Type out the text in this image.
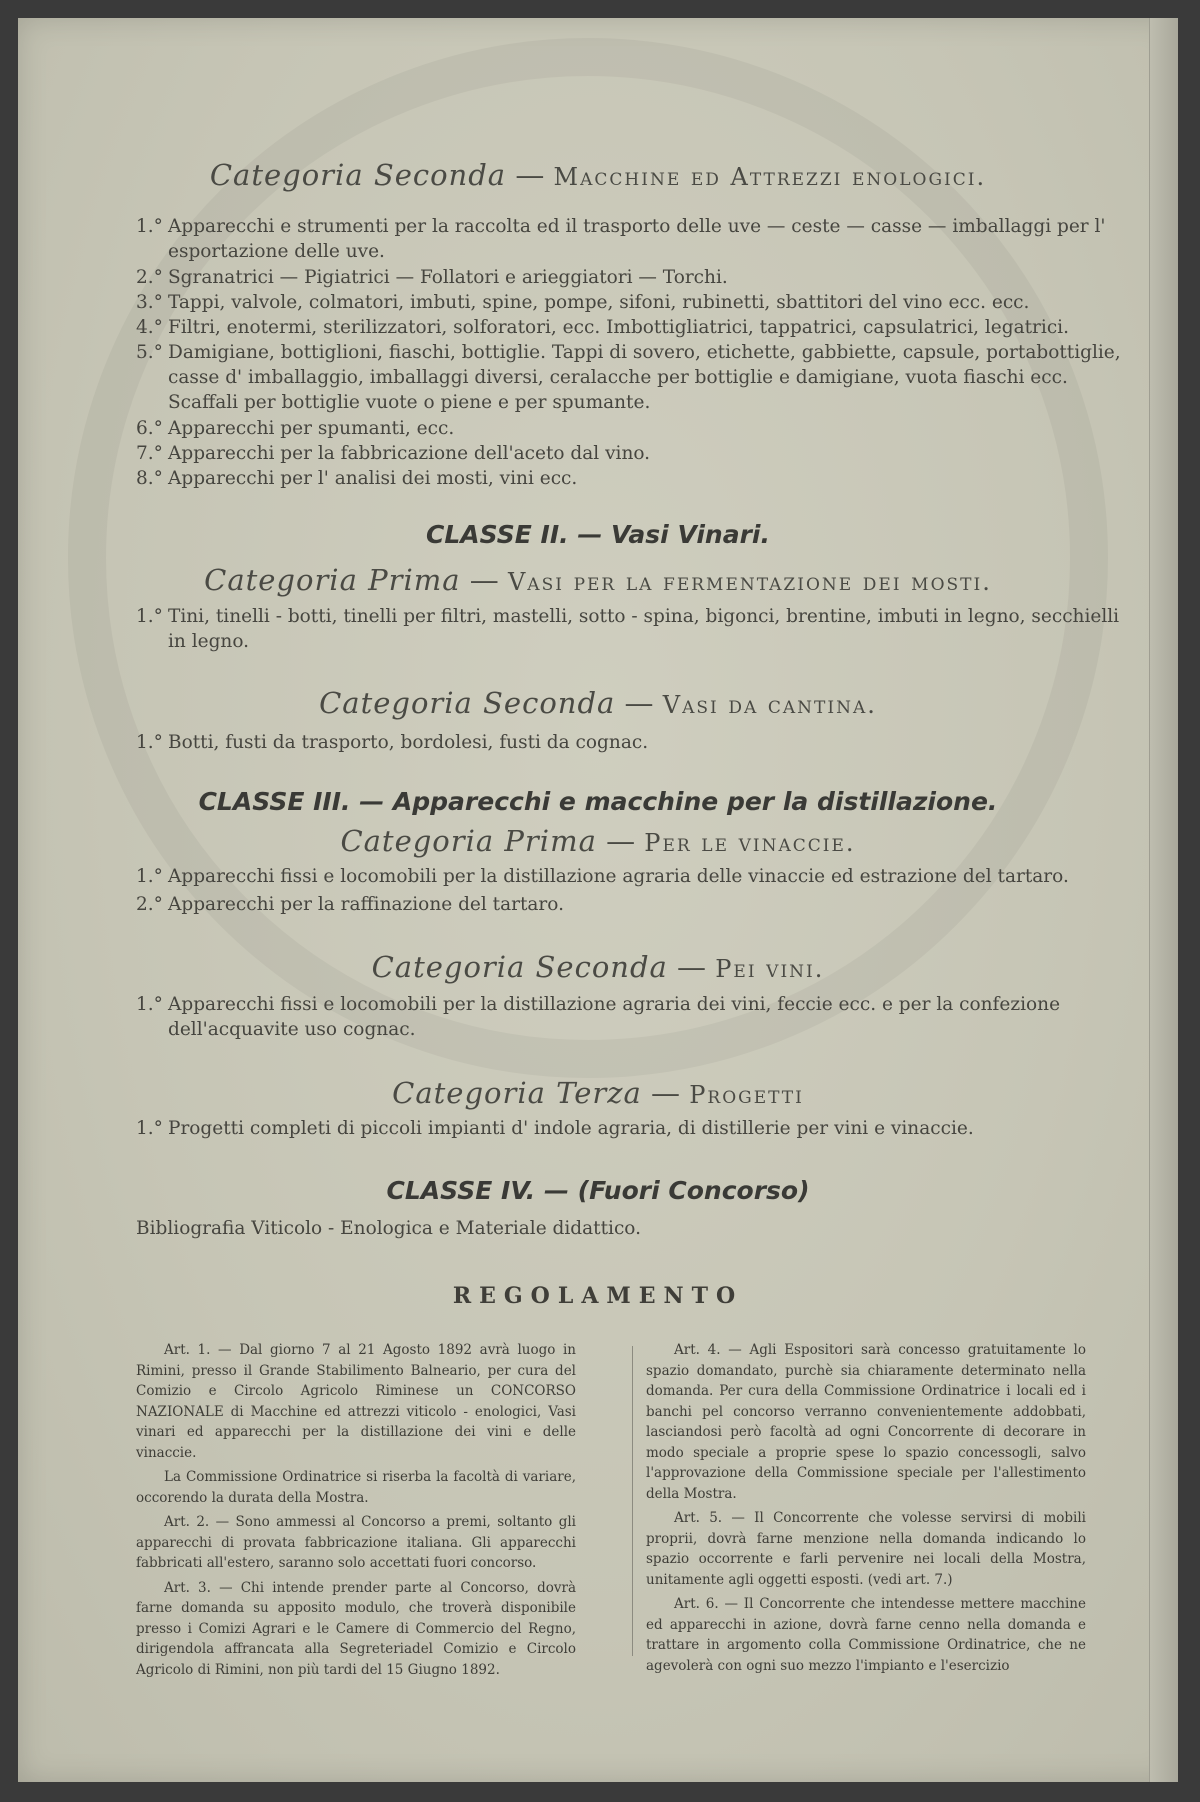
Categoria Seconda — Macchine ed Attrezzi enologici.
1.° Apparecchi e strumenti per la raccolta ed il trasporto delle uve — ceste — casse — imballaggi per l' esportazione delle uve.
2.° Sgranatrici — Pigiatrici — Follatori e arieggiatori — Torchi.
3.° Tappi, valvole, colmatori, imbuti, spine, pompe, sifoni, rubinetti, sbattitori del vino ecc. ecc.
4.° Filtri, enotermi, sterilizzatori, solforatori, ecc. Imbottigliatrici, tappatrici, capsulatrici, legatrici.
5.° Damigiane, bottiglioni, fiaschi, bottiglie. Tappi di sovero, etichette, gabbiette, capsule, portabottiglie, casse d' imballaggio, imballaggi diversi, ceralacche per bottiglie e damigiane, vuota fiaschi ecc. Scaffali per bottiglie vuote o piene e per spumante.
6.° Apparecchi per spumanti, ecc.
7.° Apparecchi per la fabbricazione dell'aceto dal vino.
8.° Apparecchi per l' analisi dei mosti, vini ecc.
CLASSE II. — Vasi Vinari.
Categoria Prima — Vasi per la fermentazione dei mosti.
1.° Tini, tinelli - botti, tinelli per filtri, mastelli, sotto - spina, bigonci, brentine, imbuti in legno, secchielli in legno.
Categoria Seconda — Vasi da cantina.
1.° Botti, fusti da trasporto, bordolesi, fusti da cognac.
CLASSE III. — Apparecchi e macchine per la distillazione.
Categoria Prima — Per le vinaccie.
1.° Apparecchi fissi e locomobili per la distillazione agraria delle vinaccie ed estrazione del tartaro.
2.° Apparecchi per la raffinazione del tartaro.
Categoria Seconda — Pei vini.
1.° Apparecchi fissi e locomobili per la distillazione agraria dei vini, feccie ecc. e per la confezione dell'acquavite uso cognac.
Categoria Terza — Progetti
1.° Progetti completi di piccoli impianti d' indole agraria, di distillerie per vini e vinaccie.
CLASSE IV. — (Fuori Concorso)
Bibliografia Viticolo - Enologica e Materiale didattico.
REGOLAMENTO

Art. 1. — Dal giorno 7 al 21 Agosto 1892 avrà luogo in Rimini, presso il Grande Stabilimento Balneario, per cura del Comizio e Circolo Agricolo Riminese un CONCORSO NAZIONALE di Macchine ed attrezzi viticolo - enologici, Vasi vinari ed apparecchi per la distillazione dei vini e delle vinaccie.

La Commissione Ordinatrice si riserba la facoltà di variare, occorendo la durata della Mostra.

Art. 2. — Sono ammessi al Concorso a premi, soltanto gli apparecchi di provata fabbricazione italiana. Gli apparecchi fabbricati all'estero, saranno solo accettati fuori concorso.

Art. 3. — Chi intende prender parte al Concorso, dovrà farne domanda su apposito modulo, che troverà disponibile presso i Comizi Agrari e le Camere di Commercio del Regno, dirigendola affrancata alla Segreteriadel Comizio e Circolo Agricolo di Rimini, non più tardi del 15 Giugno 1892.

Art. 4. — Agli Espositori sarà concesso gratuitamente lo spazio domandato, purchè sia chiaramente determinato nella domanda. Per cura della Commissione Ordinatrice i locali ed i banchi pel concorso verranno convenientemente addobbati, lasciandosi però facoltà ad ogni Concorrente di decorare in modo speciale a proprie spese lo spazio concessogli, salvo l'approvazione della Commissione speciale per l'allestimento della Mostra.

Art. 5. — Il Concorrente che volesse servirsi di mobili proprii, dovrà farne menzione nella domanda indicando lo spazio occorrente e farli pervenire nei locali della Mostra, unitamente agli oggetti esposti. (vedi art. 7.)

Art. 6. — Il Concorrente che intendesse mettere macchine ed apparecchi in azione, dovrà farne cenno nella domanda e trattare in argomento colla Commissione Ordinatrice, che ne agevolerà con ogni suo mezzo l'impianto e l'esercizio
